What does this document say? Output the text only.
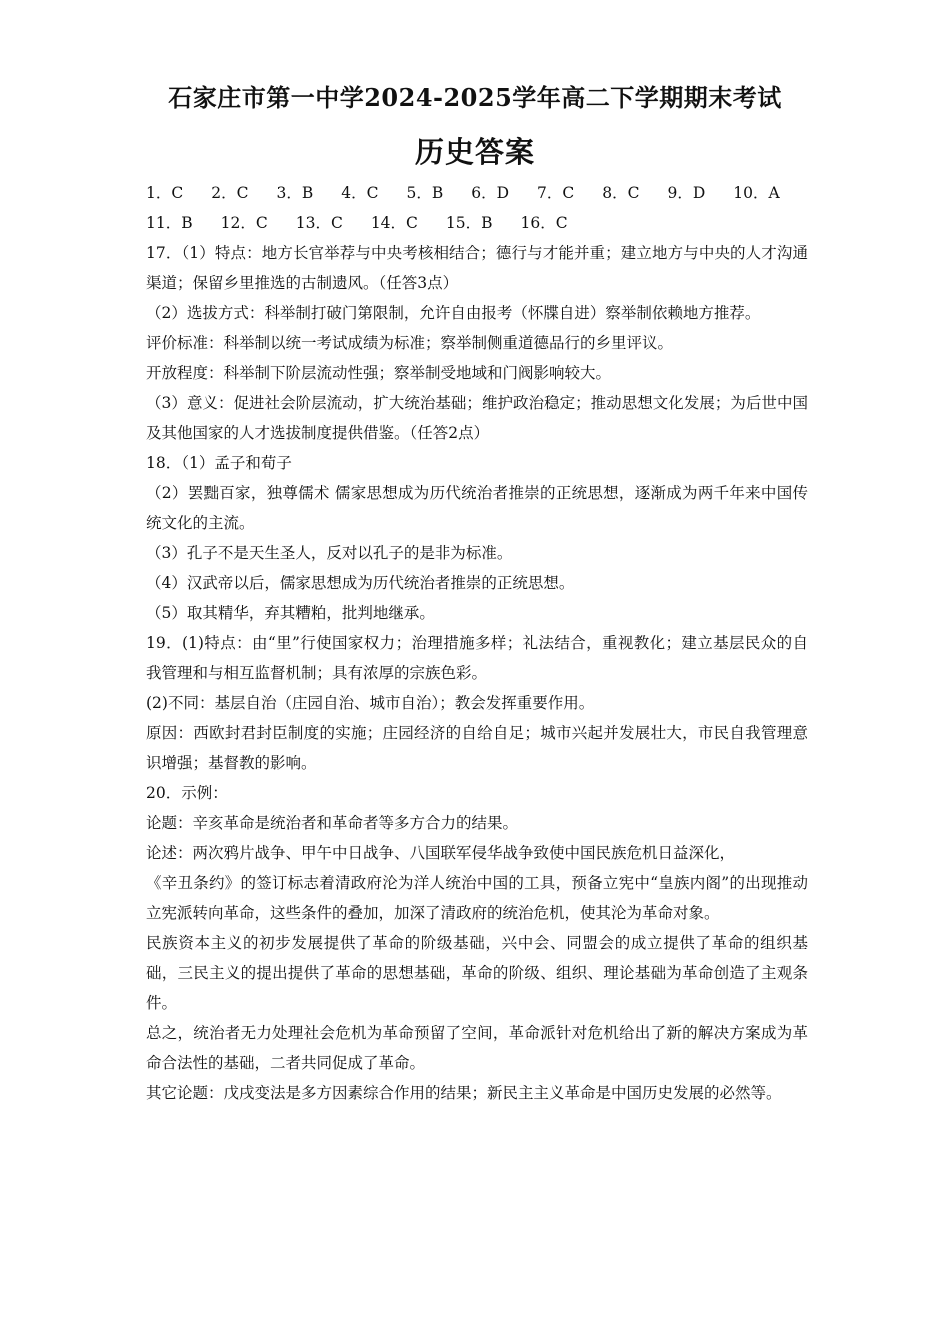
石家庄市第一中学2024-2025学年高二下学期期末考试
历史答案
1．C 2．C 3．B 4．C 5．B 6．D 7．C 8．C 9．D 10．A
11．B 12．C 13．C 14．C 15．B 16．C

17．（1）特点：地方长官举荐与中央考核相结合；德行与才能并重；建立地方与中央的人才沟通渠道；保留乡里推选的古制遗风。（任答3点）

（2）选拔方式：科举制打破门第限制，允许自由报考（怀牒自进）察举制依赖地方推荐。

评价标准：科举制以统一考试成绩为标准；察举制侧重道德品行的乡里评议。

开放程度：科举制下阶层流动性强；察举制受地域和门阀影响较大。

（3）意义：促进社会阶层流动，扩大统治基础；维护政治稳定；推动思想文化发展；为后世中国及其他国家的人才选拔制度提供借鉴。（任答2点）

18．（1）孟子和荀子

（2）罢黜百家，独尊儒术 儒家思想成为历代统治者推崇的正统思想，逐渐成为两千年来中国传统文化的主流。

（3）孔子不是天生圣人，反对以孔子的是非为标准。

（4）汉武帝以后，儒家思想成为历代统治者推崇的正统思想。

（5）取其精华，弃其糟粕，批判地继承。

19．(1)特点：由“里”行使国家权力；治理措施多样；礼法结合，重视教化；建立基层民众的自我管理和与相互监督机制；具有浓厚的宗族色彩。

(2)不同：基层自治（庄园自治、城市自治）；教会发挥重要作用。

原因：西欧封君封臣制度的实施；庄园经济的自给自足；城市兴起并发展壮大，市民自我管理意识增强；基督教的影响。

20．示例：

论题：辛亥革命是统治者和革命者等多方合力的结果。

论述：两次鸦片战争、甲午中日战争、八国联军侵华战争致使中国民族危机日益深化，

《辛丑条约》的签订标志着清政府沦为洋人统治中国的工具，预备立宪中“皇族内阁”的出现推动立宪派转向革命，这些条件的叠加，加深了清政府的统治危机，使其沦为革命对象。

民族资本主义的初步发展提供了革命的阶级基础，兴中会、同盟会的成立提供了革命的组织基础，三民主义的提出提供了革命的思想基础，革命的阶级、组织、理论基础为革命创造了主观条件。

总之，统治者无力处理社会危机为革命预留了空间，革命派针对危机给出了新的解决方案成为革命合法性的基础，二者共同促成了革命。

其它论题：戊戌变法是多方因素综合作用的结果；新民主主义革命是中国历史发展的必然等。
